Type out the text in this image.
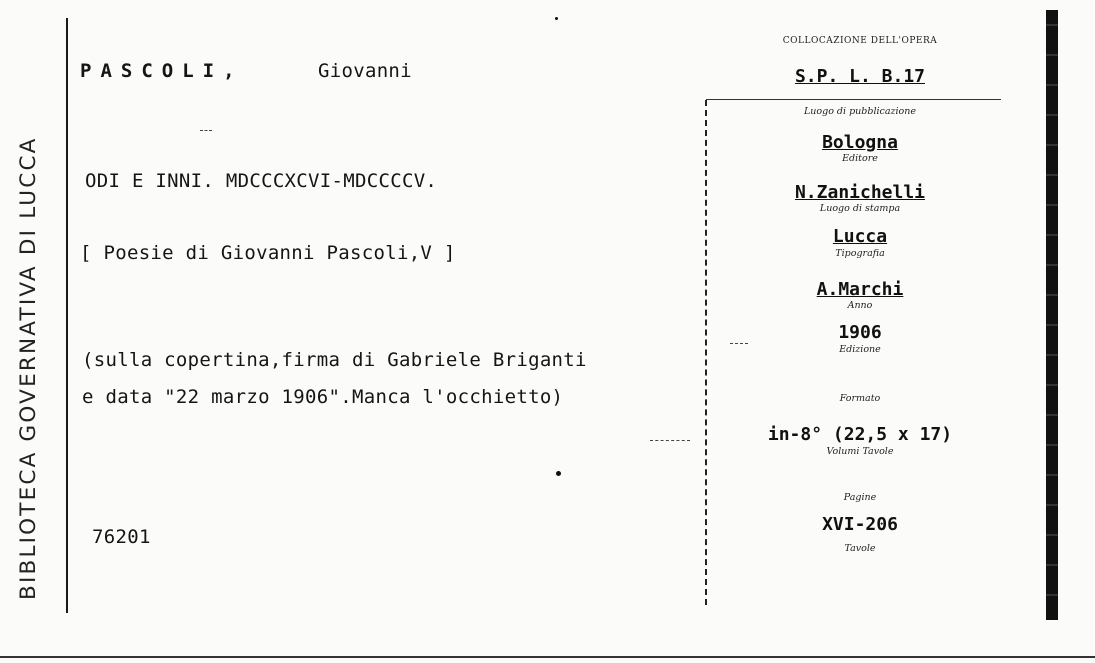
BIBLIOTECA GOVERNATIVA DI LUCCA
PASCOLI,	Giovanni
ODI E INNI. MDCCCXCVI-MDCCCCV.
[ Poesie di Giovanni Pascoli,V ]
(sulla copertina,firma di Gabriele Briganti
e data "22 marzo 1906".Manca l'occhietto)
76201
COLLOCAZIONE DELL'OPERA
S.P. L. B.17
Luogo di pubblicazione
Bologna
Editore
N.Zanichelli
Luogo di stampa
Lucca
Tipografia
A.Marchi
Anno
1906
Edizione
Formato
in-8° (22,5 x 17)
Volumi Tavole
Pagine
XVI-206
Tavole
